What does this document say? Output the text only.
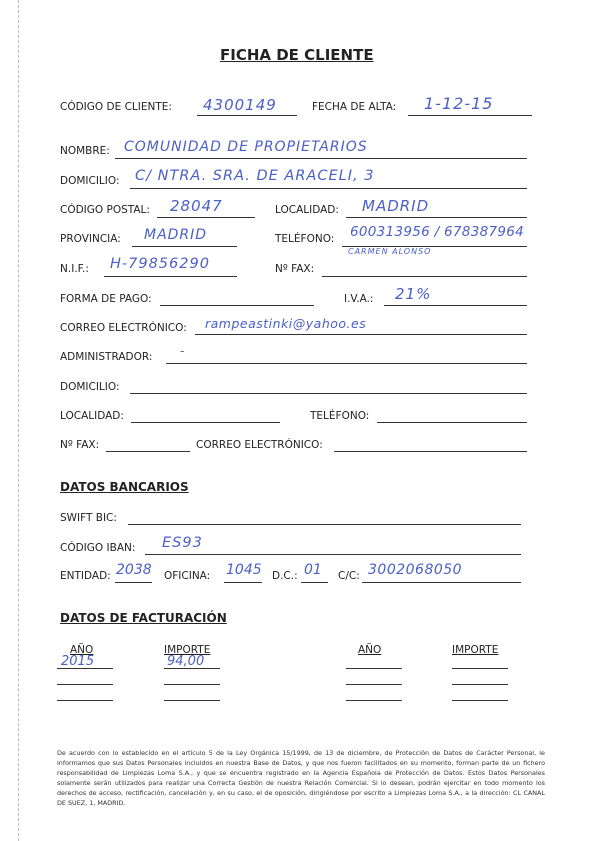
FICHA DE CLIENTE
CÓDIGO DE CLIENTE: 4300149	FECHA DE ALTA: 1-12-15
NOMBRE: COMUNIDAD DE PROPIETARIOS
DOMICILIO: C/ NTRA. SRA. DE ARACELI, 3
CÓDIGO POSTAL: 28047	LOCALIDAD: MADRID
PROVINCIA: MADRID	TELÉFONO: 600313956 / 678387964
CARMEN ALONSO
N.I.F.: H-79856290	Nº FAX:
FORMA DE PAGO:	I.V.A.: 21%
CORREO ELECTRÓNICO: rampeastinki@yahoo.es
ADMINISTRADOR: -
DOMICILIO:
LOCALIDAD:	TELÉFONO:
Nº FAX:	CORREO ELECTRÓNICO:
DATOS BANCARIOS
SWIFT BIC:
CÓDIGO IBAN: ES93
ENTIDAD: 2038 OFICINA: 1045 D.C.: 01 C/C: 3002068050
DATOS DE FACTURACIÓN
AÑO	IMPORTE	AÑO	IMPORTE
2015	94,00
De acuerdo con lo establecido en el artículo 5 de la Ley Orgánica 15/1999, de 13 de diciembre, de Protección de Datos de Carácter Personal, le informamos que sus Datos Personales incluidos en nuestra Base de Datos, y que nos fueron facilitados en su momento, forman parte de un fichero responsabilidad de Limpiezas Loma S.A., y que se encuentra registrado en la Agencia Española de Protección de Datos. Estos Datos Personales solamente serán utilizados para realizar una Correcta Gestión de nuestra Relación Comercial. Si lo desean, podrán ejercitar en todo momento los derechos de acceso, rectificación, cancelación y, en su caso, el de oposición, dirigiéndose por escrito a Limpiezas Loma S.A., a la dirección: CL CANAL DE SUEZ, 1, MADRID.
